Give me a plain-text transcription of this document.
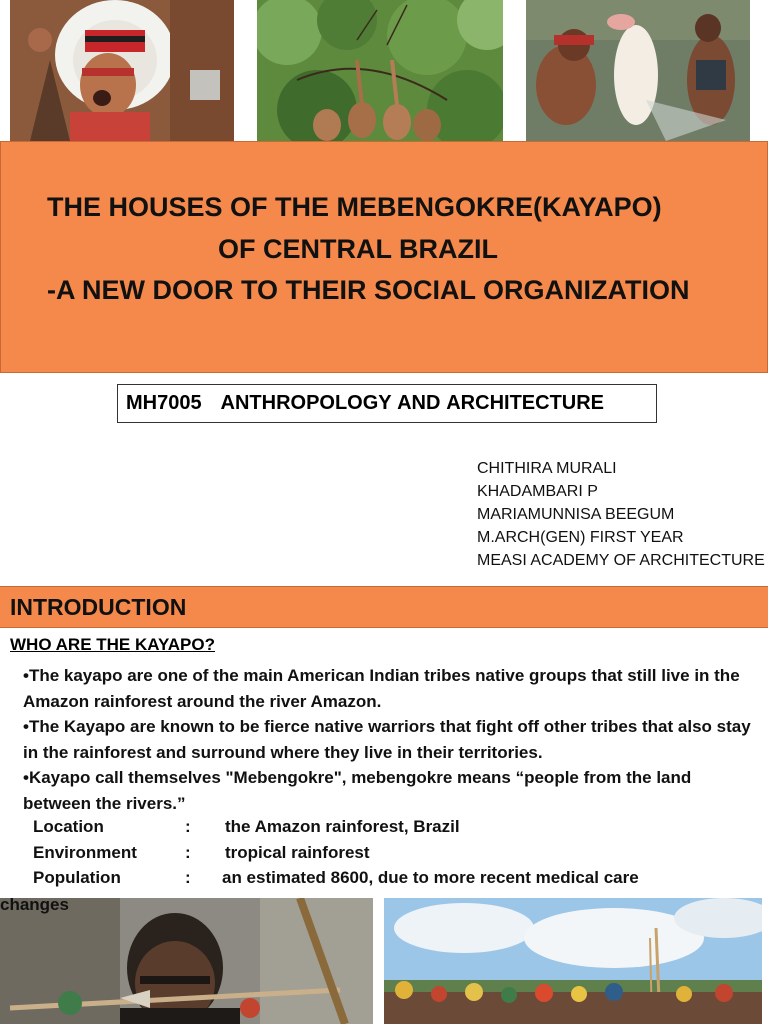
THE HOUSES OF THE MEBENGOKRE(KAYAPO)
OF CENTRAL BRAZIL
-A NEW DOOR TO THEIR SOCIAL ORGANIZATION
MH7005   ANTHROPOLOGY AND ARCHITECTURE
CHITHIRA MURALI
KHADAMBARI P
MARIAMUNNISA BEEGUM
M.ARCH(GEN) FIRST YEAR
MEASI ACADEMY OF ARCHITECTURE
INTRODUCTION
WHO ARE THE KAYAPO?
•The kayapo are one of the main American Indian tribes native groups that still live in the Amazon rainforest around the river Amazon.
•The Kayapo are known to be fierce native warriors that fight off other tribes that also stay in the rainforest and surround where they live in their territories.
•Kayapo call themselves "Mebengokre", mebengokre means “people from the land between the rivers.”
Location	: the Amazon rainforest, Brazil
Environment	: tropical rainforest
Population	: an estimated 8600, due to more recent medical care
changes
